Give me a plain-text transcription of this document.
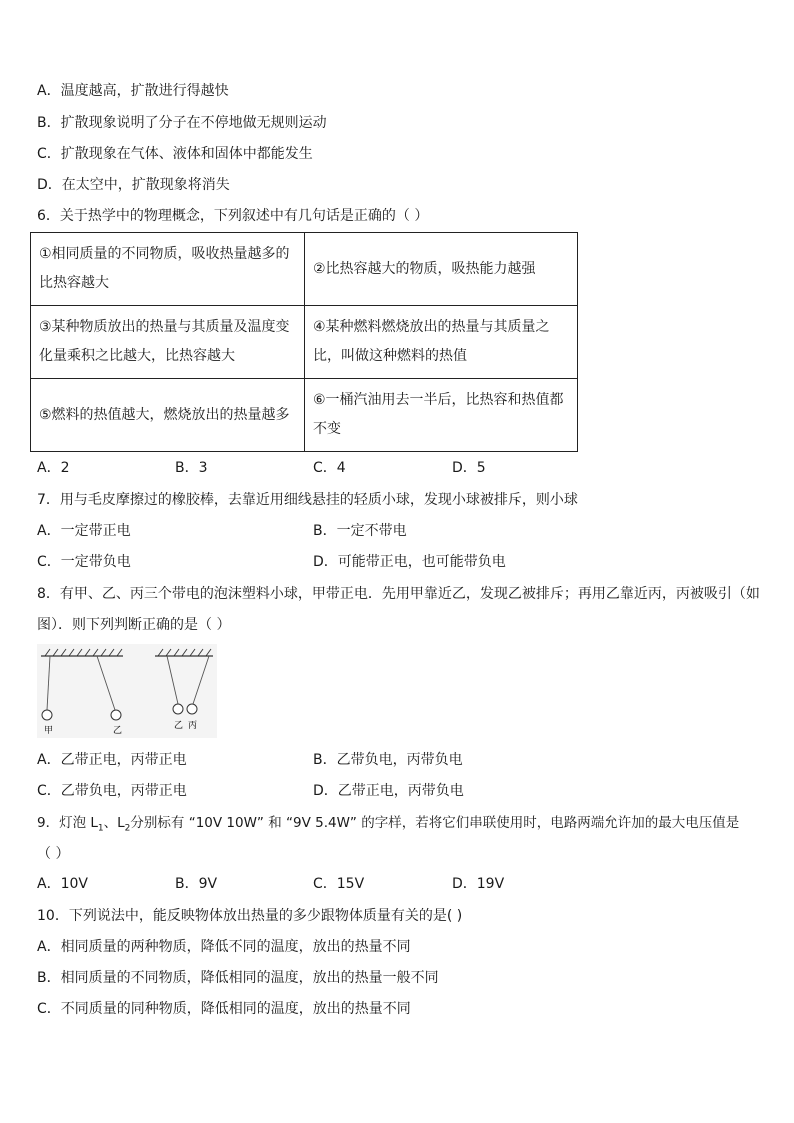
A．温度越高，扩散进行得越快
B．扩散现象说明了分子在不停地做无规则运动
C．扩散现象在气体、液体和固体中都能发生
D．在太空中，扩散现象将消失
6．关于热学中的物理概念，下列叙述中有几句话是正确的（ ）
①相同质量的不同物质，吸收热量越多的比热容越大	②比热容越大的物质，吸热能力越强
③某种物质放出的热量与其质量及温度变化量乘积之比越大，比热容越大	④某种燃料燃烧放出的热量与其质量之比，叫做这种燃料的热值
⑤燃料的热值越大，燃烧放出的热量越多	⑥一桶汽油用去一半后，比热容和热值都不变
A．2	B．3	C．4	D．5
7．用与毛皮摩擦过的橡胶棒，去靠近用细线悬挂的轻质小球，发现小球被排斥，则小球
A．一定带正电	B．一定不带电
C．一定带负电	D．可能带正电，也可能带负电
8．有甲、乙、丙三个带电的泡沫塑料小球，甲带正电．先用甲靠近乙，发现乙被排斥；再用乙靠近丙，丙被吸引（如
图）．则下列判断正确的是（ ）
甲	乙	乙 丙
A．乙带正电，丙带正电	B．乙带负电，丙带负电
C．乙带负电，丙带正电	D．乙带正电，丙带负电
9．灯泡 $L_1$、$L_2$分别标有 “10V 10W” 和 “9V 5.4W” 的字样，若将它们串联使用时，电路两端允许加的最大电压值是
（ ）
A．10V	B．9V	C．15V	D．19V
10．下列说法中，能反映物体放出热量的多少跟物体质量有关的是( )
A．相同质量的两种物质，降低不同的温度，放出的热量不同
B．相同质量的不同物质，降低相同的温度，放出的热量一般不同
C．不同质量的同种物质，降低相同的温度，放出的热量不同
